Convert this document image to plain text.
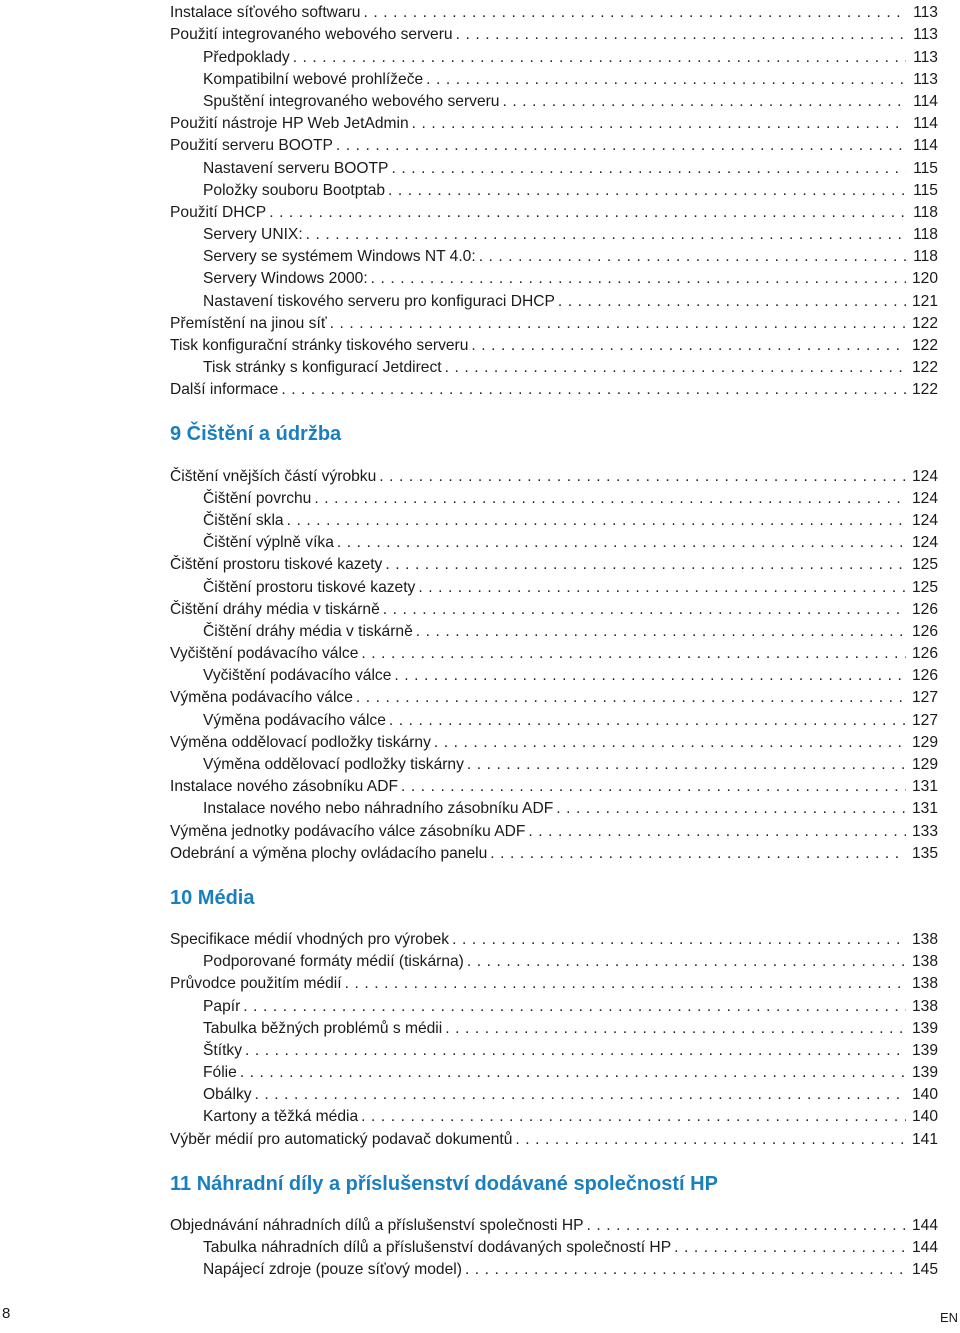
Instalace síťového softwaru . . .	113
Použití integrovaného webového serveru . . .	113
Předpoklady . . .	113
Kompatibilní webové prohlížeče . . .	113
Spuštění integrovaného webového serveru . . .	114
Použití nástroje HP Web JetAdmin . . .	114
Použití serveru BOOTP . . .	114
Nastavení serveru BOOTP . . .	115
Položky souboru Bootptab . . .	115
Použití DHCP . . .	118
Servery UNIX: . . .	118
Servery se systémem Windows NT 4.0: . . .	118
Servery Windows 2000: . . .	120
Nastavení tiskového serveru pro konfiguraci DHCP . . .	121
Přemístění na jinou síť . . .	122
Tisk konfigurační stránky tiskového serveru . . .	122
Tisk stránky s konfigurací Jetdirect . . .	122
Další informace . . .	122
9 Čištění a údržba
Čištění vnějších částí výrobku . . .	124
Čištění povrchu . . .	124
Čištění skla . . .	124
Čištění výplně víka . . .	124
Čištění prostoru tiskové kazety . . .	125
Čištění prostoru tiskové kazety . . .	125
Čištění dráhy média v tiskárně . . .	126
Čištění dráhy média v tiskárně . . .	126
Vyčištění podávacího válce . . .	126
Vyčištění podávacího válce . . .	126
Výměna podávacího válce . . .	127
Výměna podávacího válce . . .	127
Výměna oddělovací podložky tiskárny . . .	129
Výměna oddělovací podložky tiskárny . . .	129
Instalace nového zásobníku ADF . . .	131
Instalace nového nebo náhradního zásobníku ADF . . .	131
Výměna jednotky podávacího válce zásobníku ADF . . .	133
Odebrání a výměna plochy ovládacího panelu . . .	135
10 Média
Specifikace médií vhodných pro výrobek . . .	138
Podporované formáty médií (tiskárna) . . .	138
Průvodce použitím médií . . .	138
Papír . . .	138
Tabulka běžných problémů s médii . . .	139
Štítky . . .	139
Fólie . . .	139
Obálky . . .	140
Kartony a těžká média . . .	140
Výběr médií pro automatický podavač dokumentů . . .	141
11 Náhradní díly a příslušenství dodávané společností HP
Objednávání náhradních dílů a příslušenství společnosti HP . . .	144
Tabulka náhradních dílů a příslušenství dodávaných společností HP . . .	144
Napájecí zdroje (pouze síťový model) . . .	145
8	EN
